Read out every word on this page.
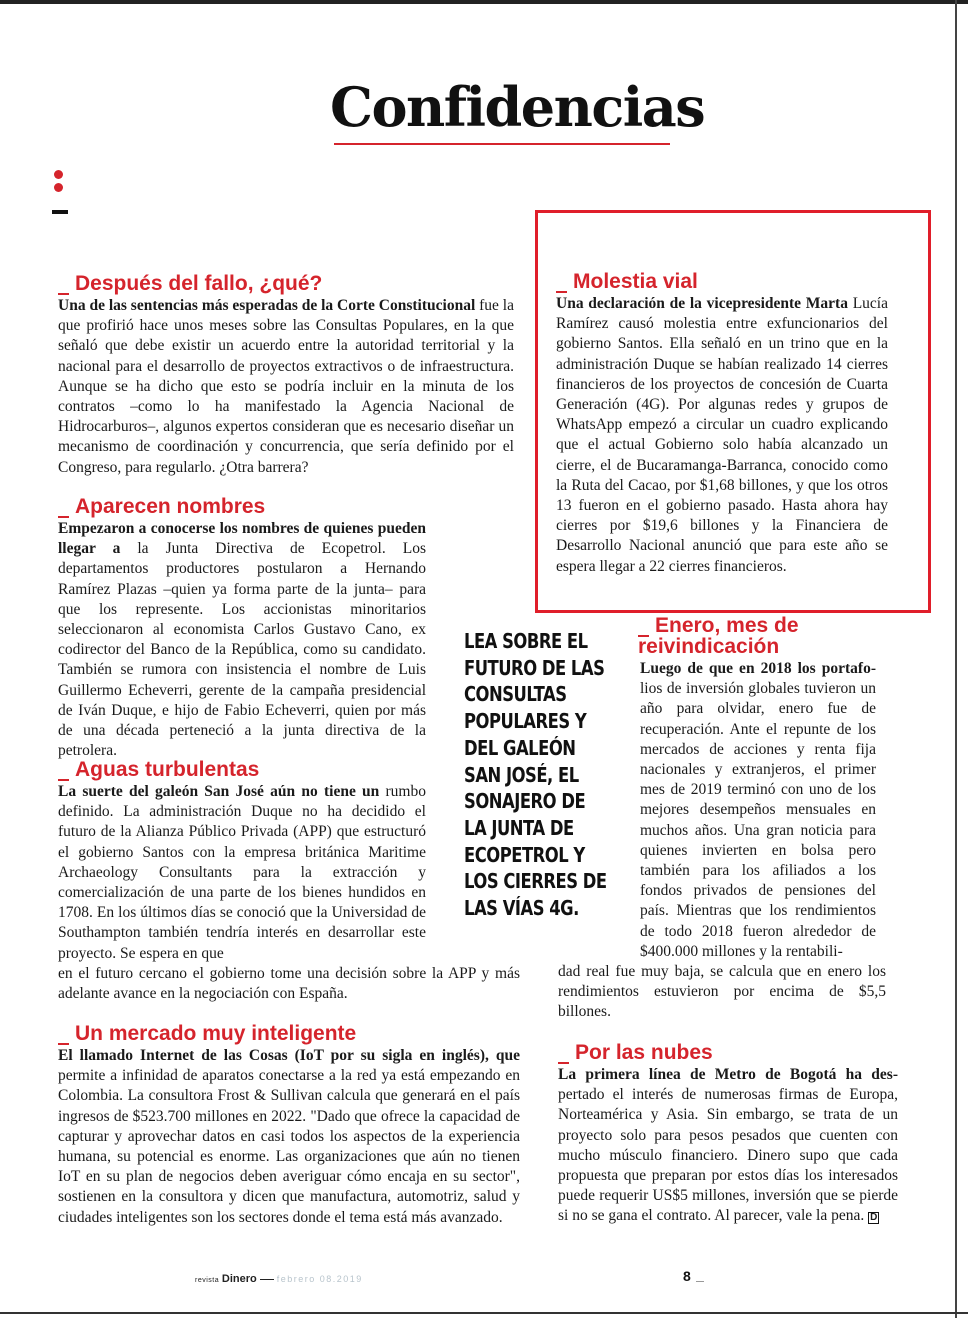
Confidencias
Después del fallo, ¿qué?
Una de las sentencias más esperadas de la Corte Constitucional fue la que profirió hace unos meses sobre las Consultas Populares, en la que señaló que debe existir un acuerdo entre la autoridad territorial y la nacional para el desarrollo de proyectos extractivos o de infraestructura. Aunque se ha dicho que esto se podría incluir en la minuta de los contratos –como lo ha manifestado la Agencia Nacional de Hidrocarburos–, algunos expertos consideran que es necesario diseñar un mecanismo de coordinación y concurrencia, que sería definido por el Congreso, para regularlo. ¿Otra barrera?
Aparecen nombres
Empezaron a conocerse los nombres de quienes pueden llegar a la Junta Directiva de Ecopetrol. Los departamentos productores postularon a Hernando Ramírez Plazas –quien ya forma parte de la junta– para que los represente. Los accionistas minoritarios seleccionaron al economista Carlos Gustavo Cano, ex codirector del Banco de la República, como su candidato. También se rumora con insistencia el nombre de Luis Guillermo Echeverri, gerente de la campaña presidencial de Iván Duque, e hijo de Fabio Echeverri, quien por más de una década perteneció a la junta directiva de la petrolera.
Aguas turbulentas
La suerte del galeón San José aún no tiene un rumbo definido. La administración Duque no ha decidido el futuro de la Alianza Público Privada (APP) que estructuró el gobierno Santos con la empresa británica Maritime Archaeology Consultants para la extracción y comercialización de una parte de los bienes hundidos en 1708. En los últimos días se conoció que la Universidad de Southampton también tendría interés en desarrollar este proyecto. Se espera en que
en el futuro cercano el gobierno tome una decisión sobre la APP y más adelante avance en la negociación con España.
Un mercado muy inteligente
El llamado Internet de las Cosas (IoT por su sigla en inglés), que permite a infinidad de aparatos conectarse a la red ya está empezando en Colombia. La consultora Frost & Sullivan calcula que generará en el país ingresos de $523.700 millones en 2022. "Dado que ofrece la capacidad de capturar y aprovechar datos en casi todos los aspectos de la experiencia humana, su potencial es enorme. Las organizaciones que aún no tienen IoT en su plan de negocios deben averiguar cómo encaja en su sector", sostienen en la consultora y dicen que manufactura, automotriz, salud y ciudades inteligentes son los sectores donde el tema está más avanzado.
Molestia vial
Una declaración de la vicepresidente Marta Lucía Ramírez causó molestia entre exfuncionarios del gobierno Santos. Ella señaló en un trino que en la administración Duque se habían realizado 14 cierres financieros de los proyectos de concesión de Cuarta Generación (4G). Por algunas redes y grupos de WhatsApp empezó a circular un cuadro explicando que el actual Gobierno solo había alcanzado un cierre, el de Bucaramanga-Barranca, conocido como la Ruta del Cacao, por $1,68 billones, y que los otros 13 fueron en el gobierno pasado. Hasta ahora hay cierres por $19,6 billones y la Financiera de Desarrollo Nacional anunció que para este año se espera llegar a 22 cierres financieros.
LEA SOBRE EL FUTURO DE LAS CONSULTAS POPULARES Y DEL GALEÓN SAN JOSÉ, EL SONAJERO DE LA JUNTA DE ECOPETROL Y LOS CIERRES DE LAS VÍAS 4G.
Enero, mes de reivindicación
Luego de que en 2018 los portafo- lios de inversión globales tuvieron un año para olvidar, enero fue de recuperación. Ante el repunte de los mercados de acciones y renta fija nacionales y extranjeros, el primer mes de 2019 terminó con uno de los mejores desempeños mensuales en muchos años. Una gran noticia para quienes invierten en bolsa pero también para los afiliados a los fondos privados de pensiones del país. Mientras que los rendimientos de todo 2018 fueron alrededor de $400.000 millones y la rentabili-
dad real fue muy baja, se calcula que en enero los rendimientos estuvieron por encima de $5,5 billones.
Por las nubes
La primera línea de Metro de Bogotá ha des- pertado el interés de numerosas firmas de Europa, Norteamérica y Asia. Sin embargo, se trata de un proyecto solo para pesos pesados que cuenten con mucho músculo financiero. Dinero supo que cada propuesta que preparan por estos días los interesados puede requerir US$5 millones, inversión que se pierde si no se gana el contrato. Al parecer, vale la pena. D
revista Dinero febrero 08.2019	8
